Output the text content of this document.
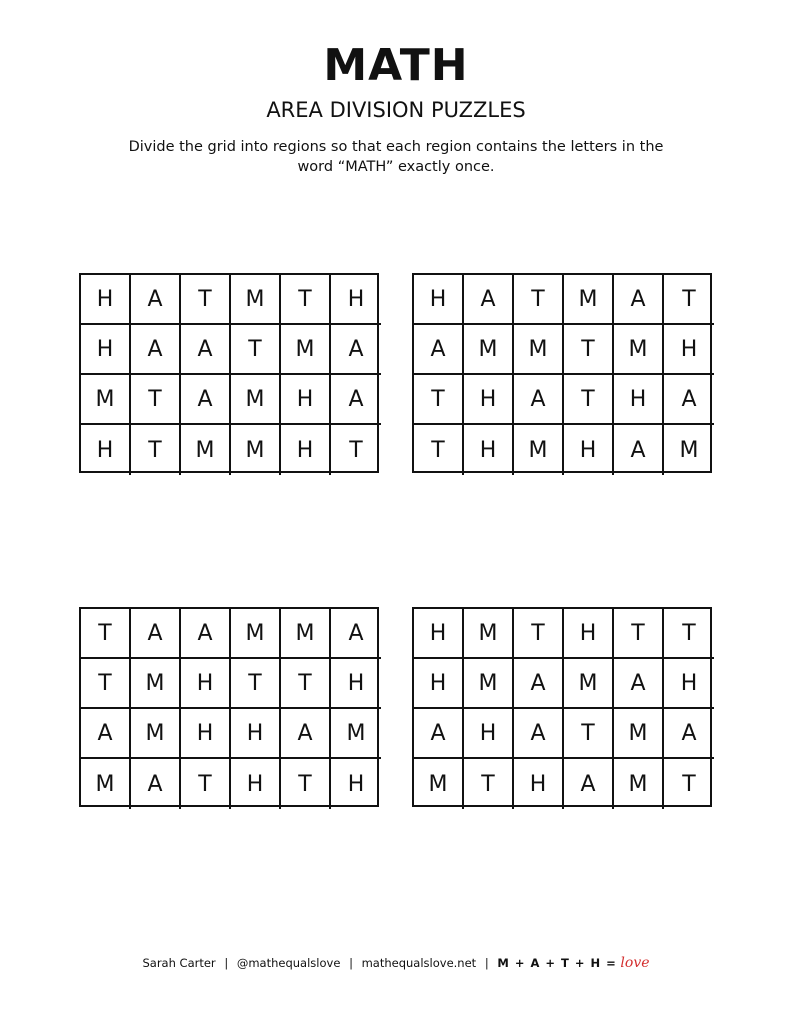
MATH
AREA DIVISION PUZZLES
Divide the grid into regions so that each region contains the letters in the word “MATH” exactly once.
H	A	T	M	T	H
H	A	A	T	M	A
M	T	A	M	H	A
H	T	M	M	H	T
H	A	T	M	A	T
A	M	M	T	M	H
T	H	A	T	H	A
T	H	M	H	A	M
T	A	A	M	M	A
T	M	H	T	T	H
A	M	H	H	A	M
M	A	T	H	T	H
H	M	T	H	T	T
H	M	A	M	A	H
A	H	A	T	M	A
M	T	H	A	M	T
Sarah Carter | @mathequalslove | mathequalslove.net | M + A + T + H = love
